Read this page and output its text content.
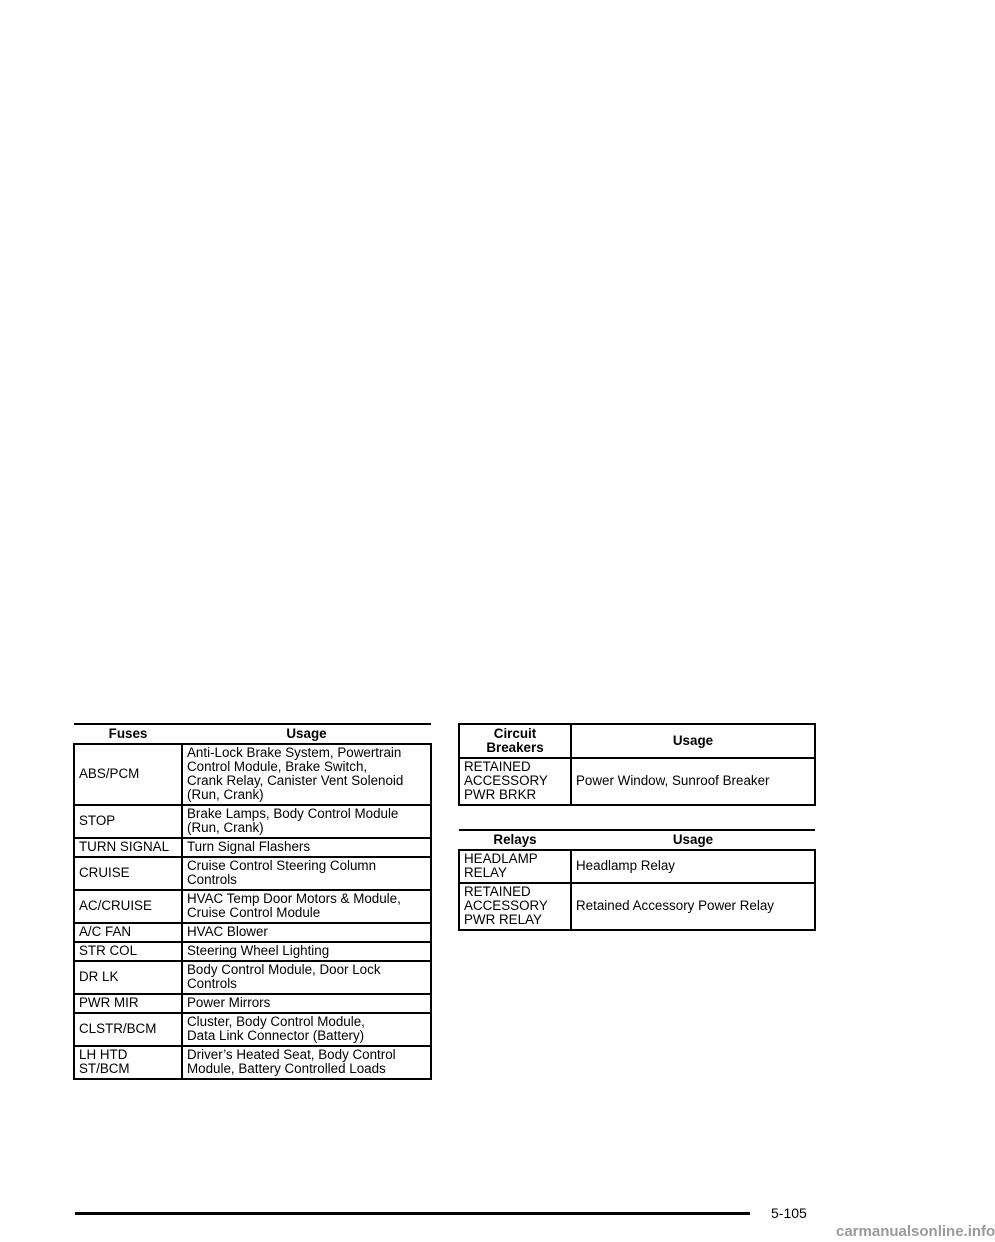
Fuses	Usage
ABS/PCM	Anti-Lock Brake System, Powertrain
Control Module, Brake Switch,
Crank Relay, Canister Vent Solenoid
(Run, Crank)
STOP	Brake Lamps, Body Control Module
(Run, Crank)
TURN SIGNAL	Turn Signal Flashers
CRUISE	Cruise Control Steering Column
Controls
AC/CRUISE	HVAC Temp Door Motors & Module,
Cruise Control Module
A/C FAN	HVAC Blower
STR COL	Steering Wheel Lighting
DR LK	Body Control Module, Door Lock
Controls
PWR MIR	Power Mirrors
CLSTR/BCM	Cluster, Body Control Module,
Data Link Connector (Battery)
LH HTD
ST/BCM	Driver’s Heated Seat, Body Control
Module, Battery Controlled Loads
Circuit
Breakers	Usage
RETAINED
ACCESSORY
PWR BRKR	Power Window, Sunroof Breaker
Relays	Usage
HEADLAMP
RELAY	Headlamp Relay
RETAINED
ACCESSORY
PWR RELAY	Retained Accessory Power Relay
5-105
carmanualsonline.info
